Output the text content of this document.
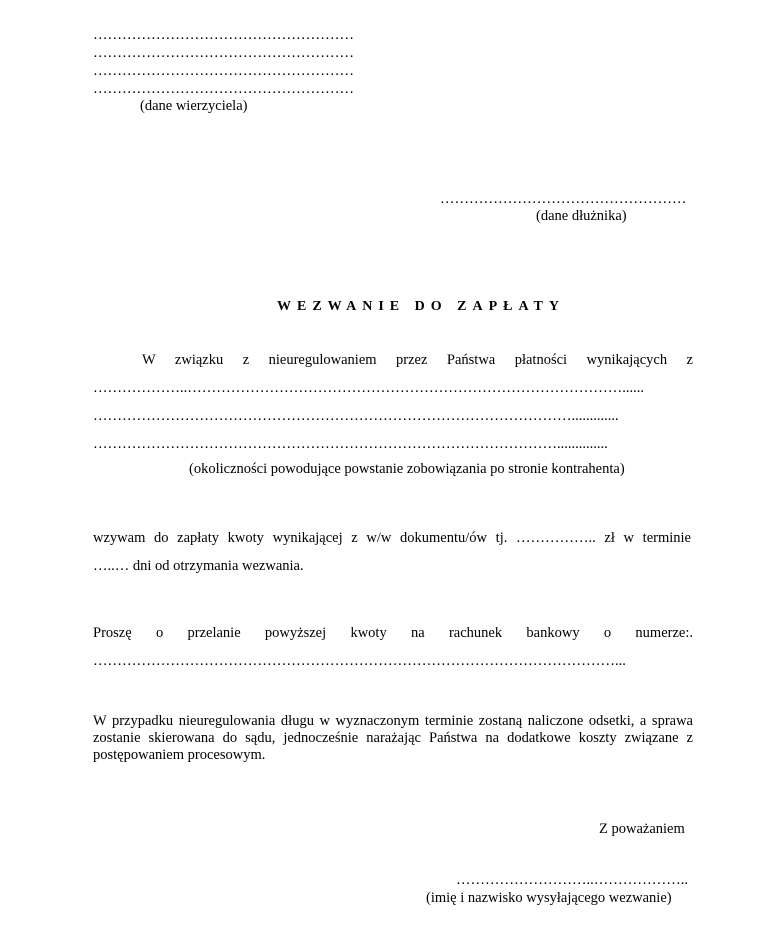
………………………………………………
………………………………………………
………………………………………………
………………………………………………
(dane wierzyciela)
……………………………………………
(dane dłużnika)
WEZWANIE DO ZAPŁATY
W związku z nieuregulowaniem przez Państwa płatności wynikających z
………………..………………………………………………………………………………......
……………………………………………………………………………………….............
……………………………………………………………………………………..............
(okoliczności powodujące powstanie zobowiązania po stronie kontrahenta)
wzywam do zapłaty kwoty wynikającej z w/w dokumentu/ów tj. …………….. zł w terminie
…..… dni od otrzymania wezwania.
Proszę o przelanie powyższej kwoty na rachunek bankowy o numerze:.
………………………………………………………………………………………………...
W przypadku nieuregulowania długu w wyznaczonym terminie zostaną naliczone odsetki, a sprawa zostanie skierowana do sądu, jednocześnie narażając Państwa na dodatkowe koszty związane z postępowaniem procesowym.
Z poważaniem
………………………..………………..
(imię i nazwisko wysyłającego wezwanie)
